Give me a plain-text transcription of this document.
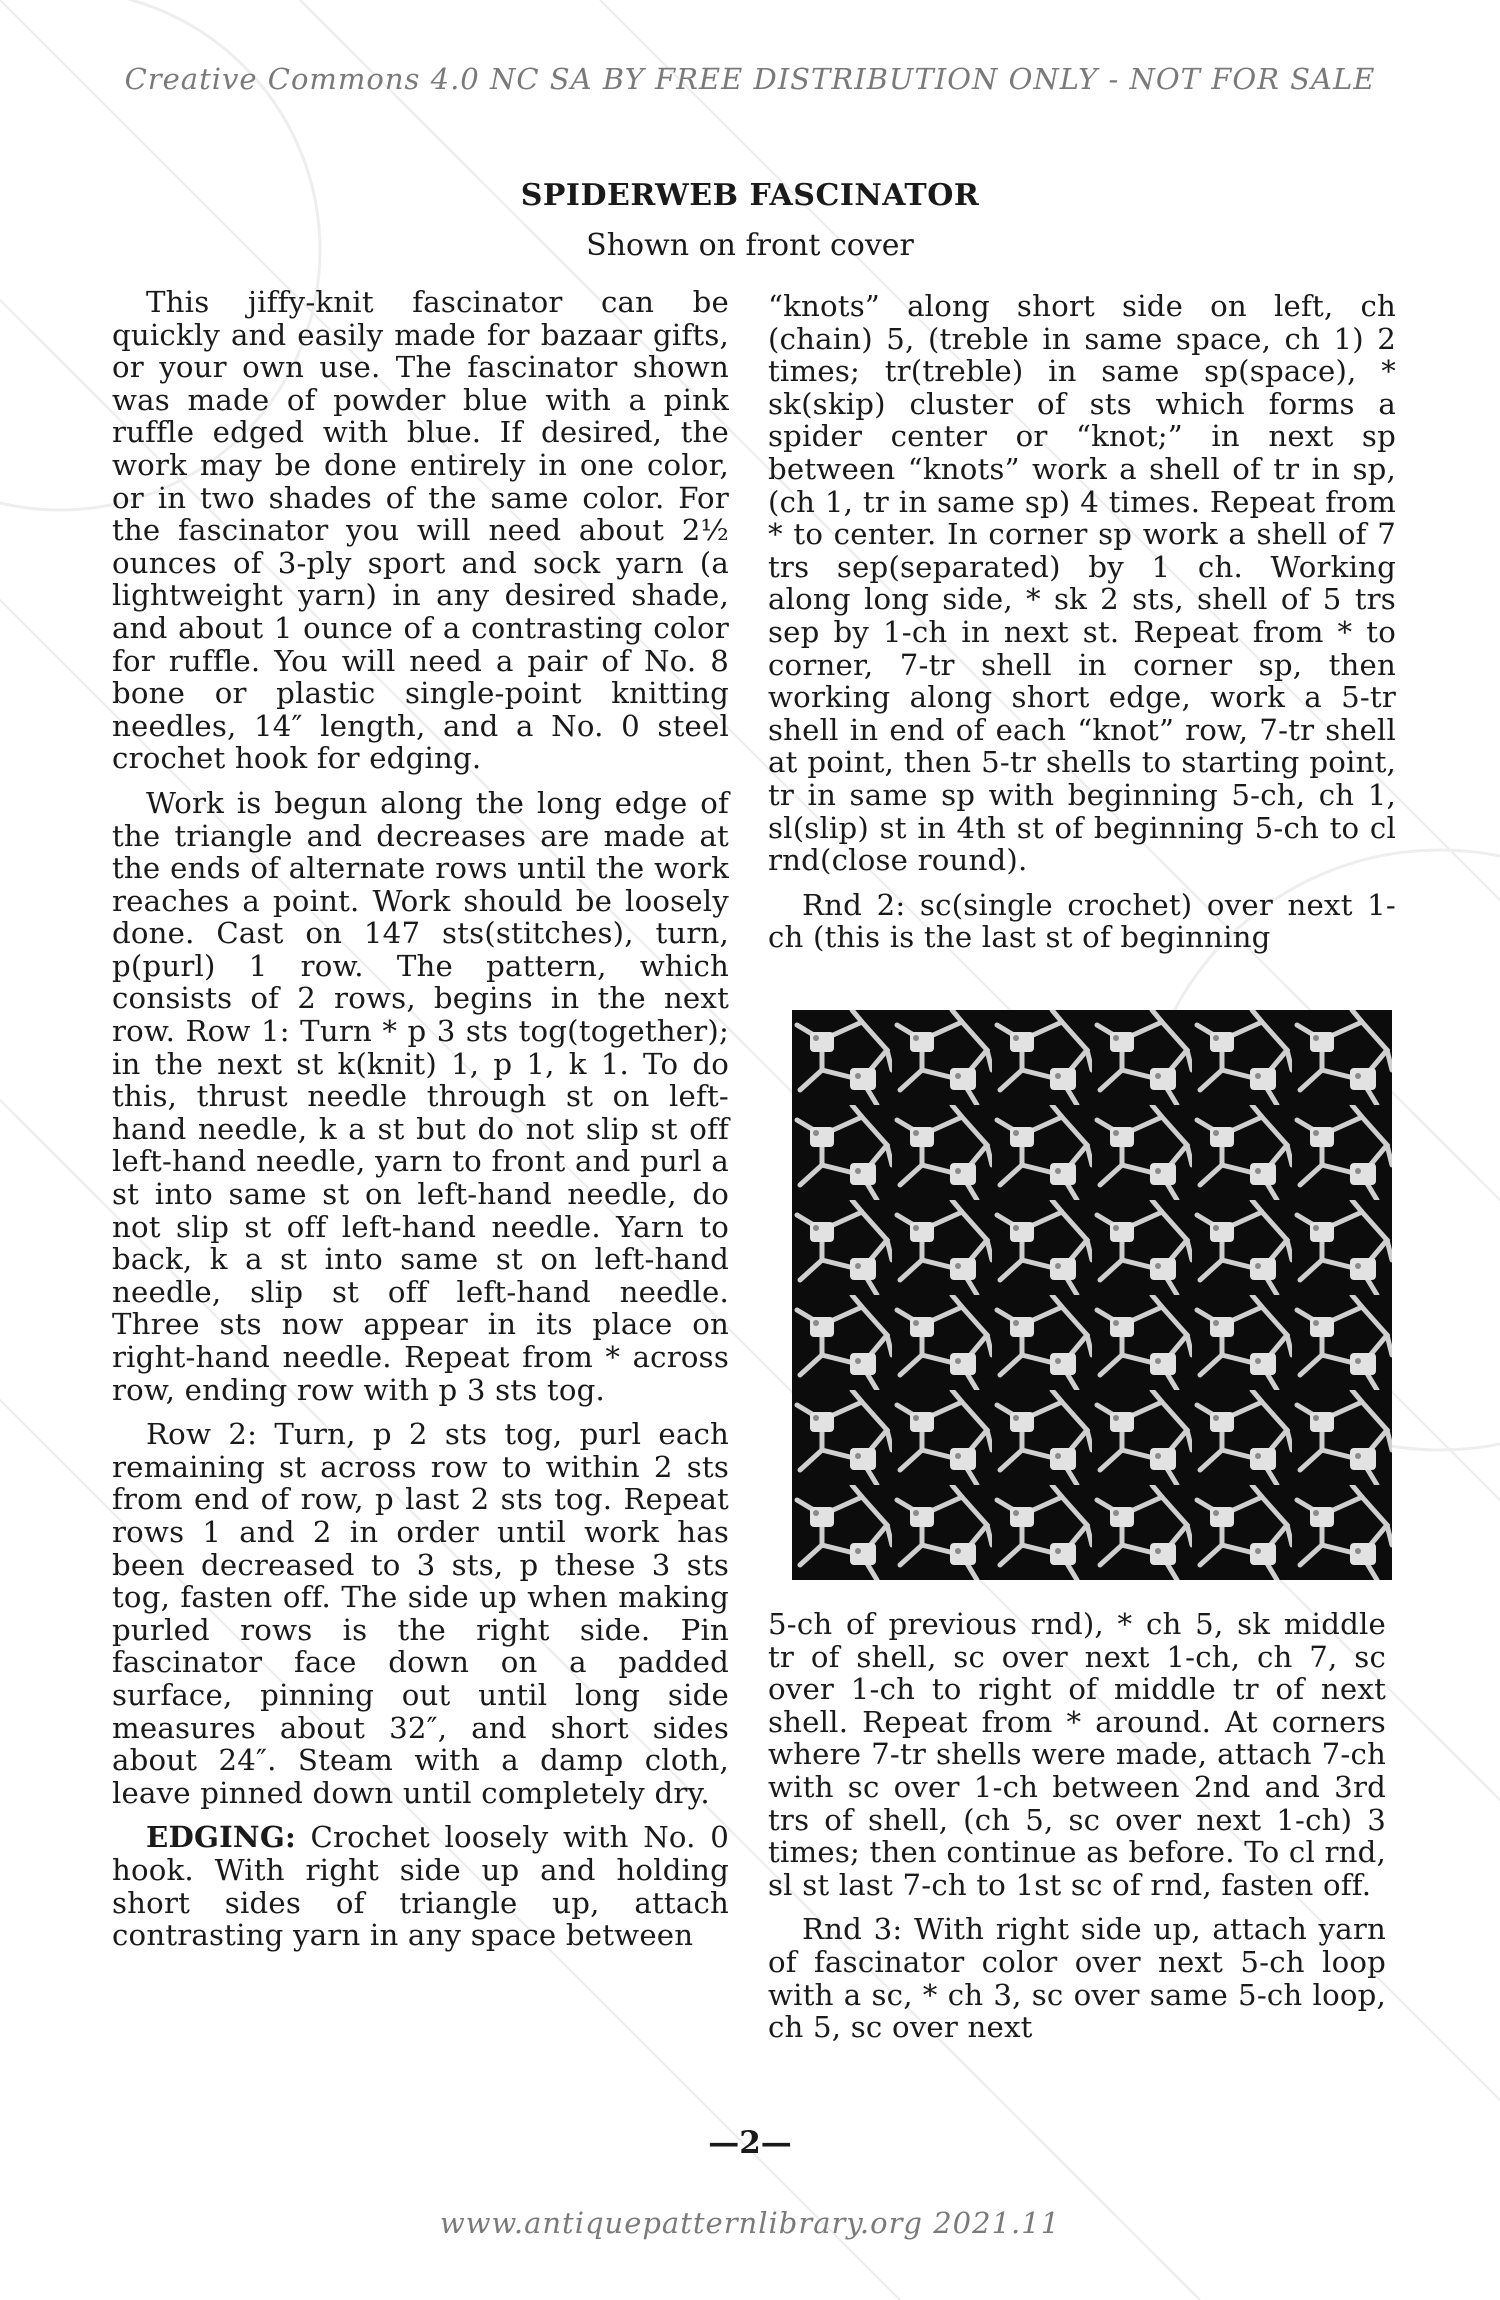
Creative Commons 4.0 NC SA BY FREE DISTRIBUTION ONLY - NOT FOR SALE
SPIDERWEB FASCINATOR
Shown on front cover

This jiffy-knit fascinator can be quickly and easily made for bazaar gifts, or your own use. The fascinator shown was made of powder blue with a pink ruffle edged with blue. If desired, the work may be done entirely in one color, or in two shades of the same color. For the fascinator you will need about 2½ ounces of 3-ply sport and sock yarn (a lightweight yarn) in any desired shade, and about 1 ounce of a contrasting color for ruffle. You will need a pair of No. 8 bone or plastic single-point knitting needles, 14″ length, and a No. 0 steel crochet hook for edging.

Work is begun along the long edge of the triangle and decreases are made at the ends of alternate rows until the work reaches a point. Work should be loosely done. Cast on 147 sts(stitches), turn, p(purl) 1 row. The pattern, which consists of 2 rows, begins in the next row. Row 1: Turn * p 3 sts tog(together); in the next st k(knit) 1, p 1, k 1. To do this, thrust needle through st on left-hand needle, k a st but do not slip st off left-hand needle, yarn to front and purl a st into same st on left-hand needle, do not slip st off left-hand needle. Yarn to back, k a st into same st on left-hand needle, slip st off left-hand needle. Three sts now appear in its place on right-hand needle. Repeat from * across row, ending row with p 3 sts tog.

Row 2: Turn, p 2 sts tog, purl each remaining st across row to within 2 sts from end of row, p last 2 sts tog. Repeat rows 1 and 2 in order until work has been decreased to 3 sts, p these 3 sts tog, fasten off. The side up when making purled rows is the right side. Pin fascinator face down on a padded surface, pinning out until long side measures about 32″, and short sides about 24″. Steam with a damp cloth, leave pinned down until completely dry.

EDGING: Crochet loosely with No. 0 hook. With right side up and holding short sides of triangle up, attach contrasting yarn in any space between

“knots” along short side on left, ch (chain) 5, (treble in same space, ch 1) 2 times; tr(treble) in same sp(space), * sk(skip) cluster of sts which forms a spider center or “knot;” in next sp between “knots” work a shell of tr in sp, (ch 1, tr in same sp) 4 times. Repeat from * to center. In corner sp work a shell of 7 trs sep(separated) by 1 ch. Working along long side, * sk 2 sts, shell of 5 trs sep by 1-ch in next st. Repeat from * to corner, 7-tr shell in corner sp, then working along short edge, work a 5-tr shell in end of each “knot” row, 7-tr shell at point, then 5-tr shells to starting point, tr in same sp with beginning 5-ch, ch 1, sl(slip) st in 4th st of beginning 5-ch to cl rnd(close round).

Rnd 2: sc(single crochet) over next 1-ch (this is the last st of beginning

5-ch of previous rnd), * ch 5, sk middle tr of shell, sc over next 1-ch, ch 7, sc over 1-ch to right of middle tr of next shell. Repeat from * around. At corners where 7-tr shells were made, attach 7-ch with sc over 1-ch between 2nd and 3rd trs of shell, (ch 5, sc over next 1-ch) 3 times; then continue as before. To cl rnd, sl st last 7-ch to 1st sc of rnd, fasten off.

Rnd 3: With right side up, attach yarn of fascinator color over next 5-ch loop with a sc, * ch 3, sc over same 5-ch loop, ch 5, sc over next

—2—
www.antiquepatternlibrary.org 2021.11
